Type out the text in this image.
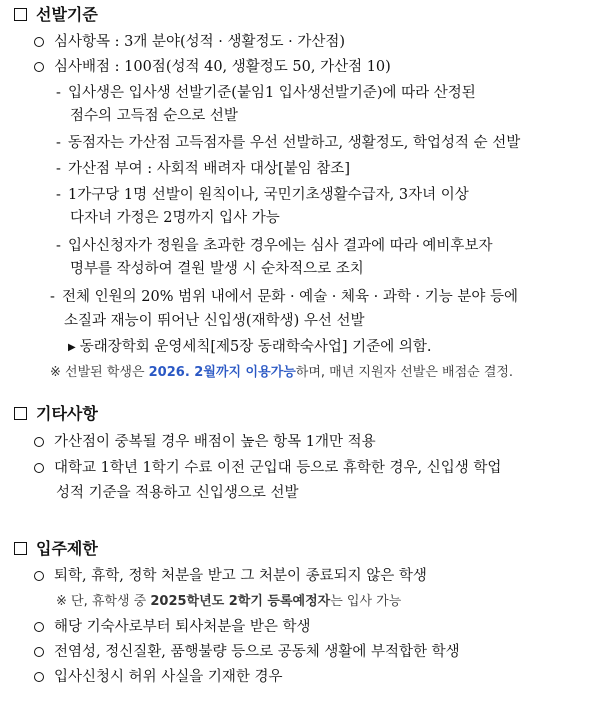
선발기준
심사항목 : 3개 분야(성적 · 생활정도 · 가산점)
심사배점 : 100점(성적 40, 생활정도 50, 가산점 10)
- 입사생은 입사생 선발기준(붙임1 입사생선발기준)에 따라 산정된
점수의 고득점 순으로 선발
- 동점자는 가산점 고득점자를 우선 선발하고, 생활정도, 학업성적 순 선발
- 가산점 부여 : 사회적 배려자 대상[붙임 참조]
- 1가구당 1명 선발이 원칙이나, 국민기초생활수급자, 3자녀 이상
다자녀 가정은 2명까지 입사 가능
- 입사신청자가 정원을 초과한 경우에는 심사 결과에 따라 예비후보자
명부를 작성하여 결원 발생 시 순차적으로 조치
- 전체 인원의 20% 범위 내에서 문화 · 예술 · 체육 · 과학 · 기능 분야 등에
소질과 재능이 뛰어난 신입생(재학생) 우선 선발
▶ 동래장학회 운영세칙[제5장 동래학숙사업] 기준에 의함.
※ 선발된 학생은 2026. 2월까지 이용가능하며, 매년 지원자 선발은 배점순 결정.
기타사항
가산점이 중복될 경우 배점이 높은 항목 1개만 적용
대학교 1학년 1학기 수료 이전 군입대 등으로 휴학한 경우, 신입생 학업
성적 기준을 적용하고 신입생으로 선발
입주제한
퇴학, 휴학, 정학 처분을 받고 그 처분이 종료되지 않은 학생
※ 단, 휴학생 중 2025학년도 2학기 등록예정자는 입사 가능
해당 기숙사로부터 퇴사처분을 받은 학생
전염성, 정신질환, 품행불량 등으로 공동체 생활에 부적합한 학생
입사신청시 허위 사실을 기재한 경우
